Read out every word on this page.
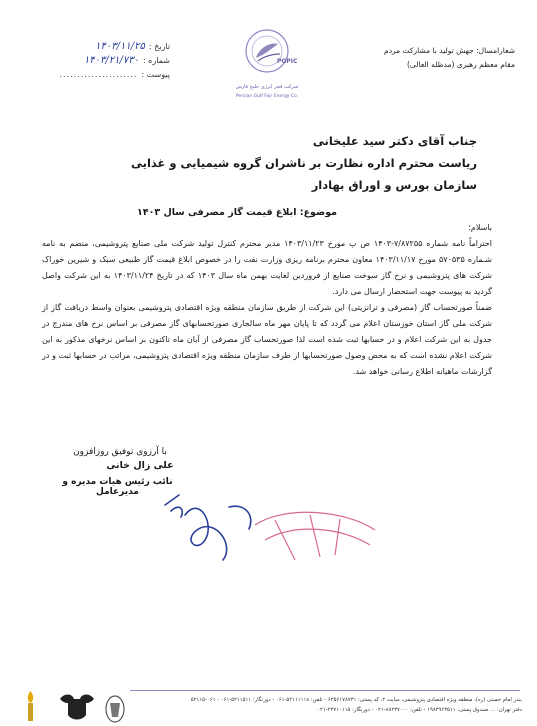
شعارامسال: جهش تولید با مشارکت مردم
مقام معظم رهبری (مدظله العالی)
تاریخ :
۱۴۰۳/۱۱/۲۵
شماره :
۱۴۰۳/۲۱/۷۳۰
پیوست :
......................
PGPIC
شرکت فجر انرژی خلیج فارس
Persian Gulf Fajr Energy Co.
جناب آقای دکتر سید علیخانی
ریاست محترم اداره نظارت بر ناشران گروه شیمیایی و غذایی
سازمان بورس و اوراق بهادار
موضوع: ابلاغ قیمت گاز مصرفی سال ۱۴۰۳
باسلام؛

احتراماً نامه شماره ۷/۸۷۲۵۵-۱۴۰۳ ص پ مورخ ۱۴۰۳/۱۱/۲۳ مدیر محترم کنترل تولید شرکت ملی صنایع پتروشیمی، منضم به نامه شـماره ۵۷۰۵۳۵ مورخ ۱۴۰۳/۱۱/۱۷ معاون محترم برنامه ریزی وزارت نفت را در خصوص ابلاغ قیمت گاز طبیعی سبک و شیرین خوراک شرکت های پتروشیمی و نرخ گاز سوخت صنایع از فروردین لغایت بهمن ماه سال ۱۴۰۳ که در تاریخ ۱۴۰۳/۱۱/۲۴ به این شرکت واصل گردید به پیوست جهت استحضار ارسال می دارد.

ضمناً صورتحساب گاز (مصرفی و ترانزیتی) این شرکت از طریق سازمان منطقه ویژه اقتصادی پتروشیمی بعنوان واسط دریافت گاز از شرکت ملی گاز استان خوزستان اعلام می گردد که تا پایان مهر ماه سالجاری صورتحسابهای گاز مصرفی بر اساس نرخ های مندرج در جدول به این شرکت اعلام و در حسابها ثبت شده است لذا صورتحساب گاز مصرفی از آبان ماه تاکنون بر اساس نرخهای مذکور به این شرکت اعلام نشده است که به محض وصول صورتحسابها از طرف سازمان منطقه ویژه اقتصادی پتروشیمی، مراتب در حسابها ثبت و در گزارشات ماهیانه اطلاع رسانی خواهد شد.

با آرزوی توفیق روزافزون
علی زال خانی
نائب رئیس هیات مدیره و مدیرعامل
بندر امام خمینی (ره)، منطقه ویژه اقتصادی پتروشیمی، سایت ۲، کد پستی: ۶۳۵۶۱۷۸۷۳۱ - تلفن: ۵۲۱۱۱۱۱۸-۰۶۱ - دورنگار: ۵۲۱۱۵۱۱-۰۶۱ - ۰۶۱-۵۲۱۱۵
دفتر تهران: ... صندوق پستی: ۱۹۸۳۹۶۳۵۱۱ - تلفن: ۸۸۲۳۷۰۰۰-۰۲۱ - دورنگار: ۲۳۷۱۰۱۱۵-۰۲۱
